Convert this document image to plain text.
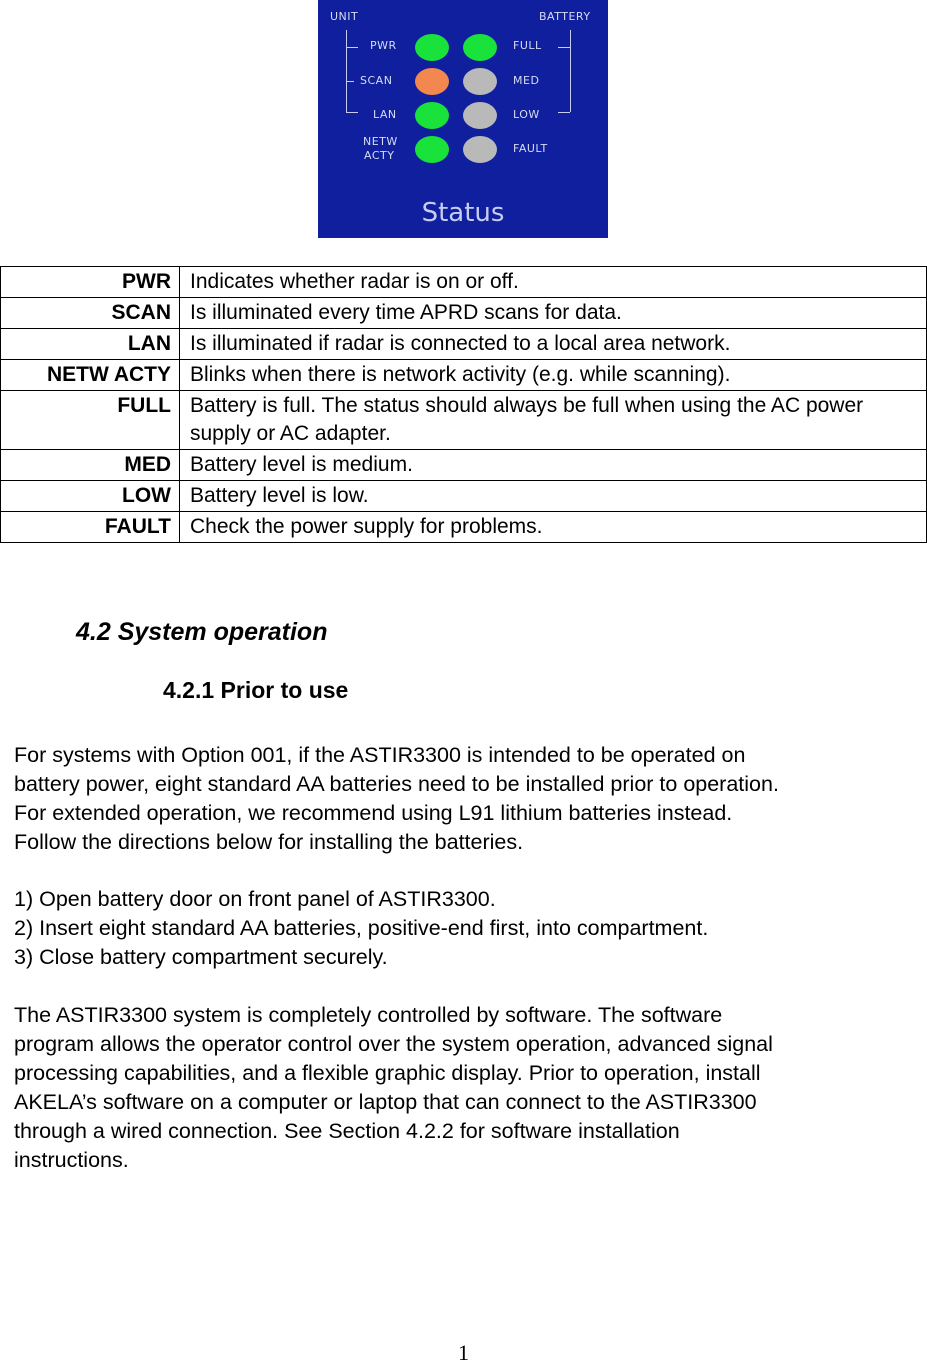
UNIT	BATTERY
PWR
SCAN
LAN
NETW
ACTY
FULL
MED
LOW
FAULT
Status
PWR	Indicates whether radar is on or off.
SCAN	Is illuminated every time APRD scans for data.
LAN	Is illuminated if radar is connected to a local area network.
NETW ACTY	Blinks when there is network activity (e.g. while scanning).
FULL	Battery is full. The status should always be full when using the AC power supply or AC adapter.
MED	Battery level is medium.
LOW	Battery level is low.
FAULT	Check the power supply for problems.
4.2 System operation
4.2.1 Prior to use
For systems with Option 001, if the ASTIR3300 is intended to be operated on
battery power, eight standard AA batteries need to be installed prior to operation.
For extended operation, we recommend using L91 lithium batteries instead.
Follow the directions below for installing the batteries.
1) Open battery door on front panel of ASTIR3300.
2) Insert eight standard AA batteries, positive-end first, into compartment.
3) Close battery compartment securely.
The ASTIR3300 system is completely controlled by software. The software
program allows the operator control over the system operation, advanced signal
processing capabilities, and a flexible graphic display. Prior to operation, install
AKELA’s software on a computer or laptop that can connect to the ASTIR3300
through a wired connection. See Section 4.2.2 for software installation
instructions.
1
